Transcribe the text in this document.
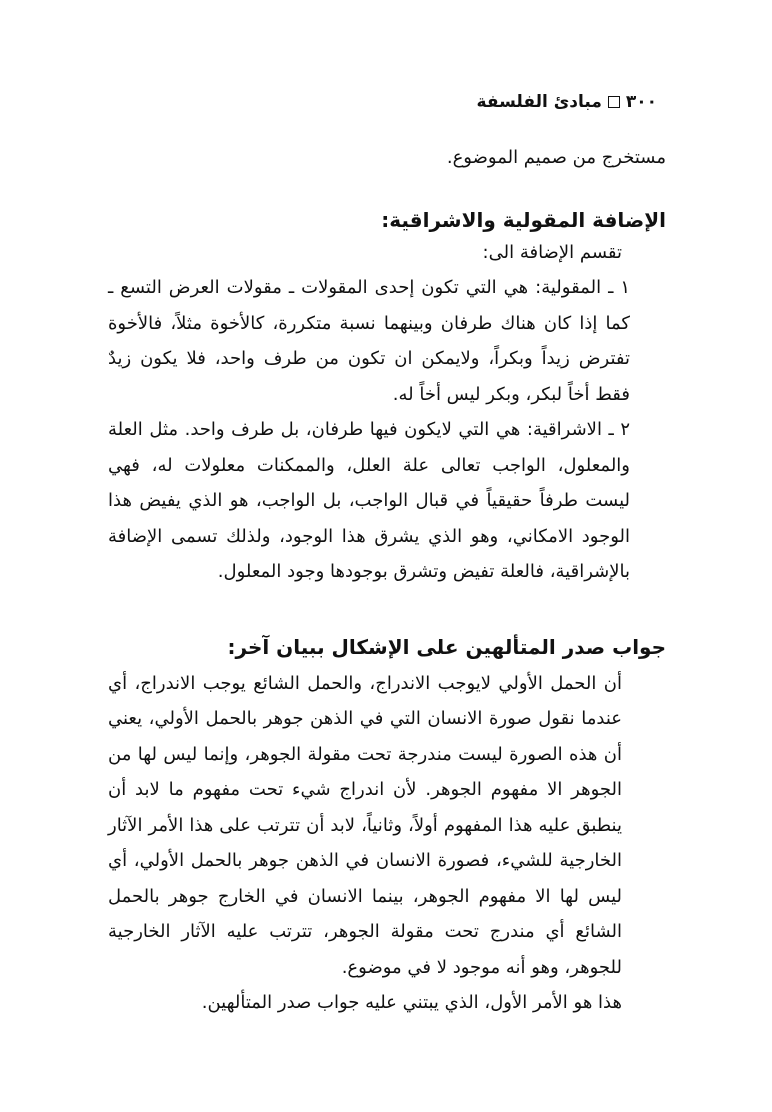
٣٠٠مبادئ الفلسفة

مستخرج من صميم الموضوع.

الإضافة المقولية والاشراقية:

تقسم الإضافة الى:

١ ـ المقولية: هي التي تكون إحدى المقولات ـ مقولات العرض التسع ـ كما إذا كان هناك طرفان وبينهما نسبة متكررة، كالأخوة مثلاً، فالأخوة تفترض زيداً وبكراً، ولايمكن ان تكون من طرف واحد، فلا يكون زيدٌ فقط أخاً لبكر، وبكر ليس أخاً له.

٢ ـ الاشراقية: هي التي لايكون فيها طرفان، بل طرف واحد. مثل العلة والمعلول، الواجب تعالى علة العلل، والممكنات معلولات له، فهي ليست طرفاً حقيقياً في قبال الواجب، بل الواجب، هو الذي يفيض هذا الوجود الامكاني، وهو الذي يشرق هذا الوجود، ولذلك تسمى الإضافة بالإشراقية، فالعلة تفيض وتشرق بوجودها وجود المعلول.

جواب صدر المتألهين على الإشكال ببيان آخر:

أن الحمل الأولي لايوجب الاندراج، والحمل الشائع يوجب الاندراج، أي عندما نقول صورة الانسان التي في الذهن جوهر بالحمل الأولي، يعني أن هذه الصورة ليست مندرجة تحت مقولة الجوهر، وإنما ليس لها من الجوهر الا مفهوم الجوهر. لأن اندراج شيء تحت مفهوم ما لابد أن ينطبق عليه هذا المفهوم أولاً، وثانياً، لابد أن تترتب على هذا الأمر الآثار الخارجية للشيء، فصورة الانسان في الذهن جوهر بالحمل الأولي، أي ليس لها الا مفهوم الجوهر، بينما الانسان في الخارج جوهر بالحمل الشائع أي مندرج تحت مقولة الجوهر، تترتب عليه الآثار الخارجية للجوهر، وهو أنه موجود لا في موضوع.

هذا هو الأمر الأول، الذي يبتني عليه جواب صدر المتألهين.
